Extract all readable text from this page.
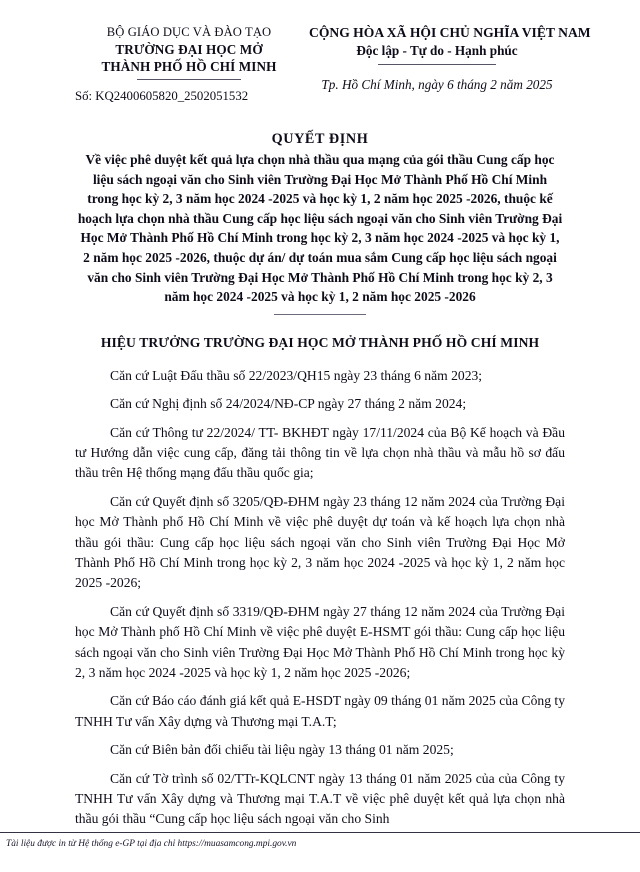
BỘ GIÁO DỤC VÀ ĐÀO TẠO
TRƯỜNG ĐẠI HỌC MỞ
THÀNH PHỐ HỒ CHÍ MINH
Số: KQ2400605820_2502051532
CỘNG HÒA XÃ HỘI CHỦ NGHĨA VIỆT NAM
Độc lập - Tự do - Hạnh phúc
Tp. Hồ Chí Minh, ngày 6 tháng 2 năm 2025
QUYẾT ĐỊNH
Về việc phê duyệt kết quả lựa chọn nhà thầu qua mạng của gói thầu Cung cấp học liệu sách ngoại văn cho Sinh viên Trường Đại Học Mở Thành Phố Hồ Chí Minh trong học kỳ 2, 3 năm học 2024 -2025 và học kỳ 1, 2 năm học 2025 -2026, thuộc kế hoạch lựa chọn nhà thầu Cung cấp học liệu sách ngoại văn cho Sinh viên Trường Đại Học Mở Thành Phố Hồ Chí Minh trong học kỳ 2, 3 năm học 2024 -2025 và học kỳ 1, 2 năm học 2025 -2026, thuộc dự án/ dự toán mua sắm Cung cấp học liệu sách ngoại văn cho Sinh viên Trường Đại Học Mở Thành Phố Hồ Chí Minh trong học kỳ 2, 3 năm học 2024 -2025 và học kỳ 1, 2 năm học 2025 -2026
HIỆU TRƯỞNG TRƯỜNG ĐẠI HỌC MỞ THÀNH PHỐ HỒ CHÍ MINH

Căn cứ Luật Đấu thầu số 22/2023/QH15 ngày 23 tháng 6 năm 2023;

Căn cứ Nghị định số 24/2024/NĐ-CP ngày 27 tháng 2 năm 2024;

Căn cứ Thông tư 22/2024/ TT- BKHĐT ngày 17/11/2024 của Bộ Kế hoạch và Đầu tư Hướng dẫn việc cung cấp, đăng tải thông tin về lựa chọn nhà thầu và mẫu hồ sơ đấu thầu trên Hệ thống mạng đấu thầu quốc gia;

Căn cứ Quyết định số 3205/QĐ-ĐHM ngày 23 tháng 12 năm 2024 của Trường Đại học Mở Thành phố Hồ Chí Minh về việc phê duyệt dự toán và kế hoạch lựa chọn nhà thầu gói thầu: Cung cấp học liệu sách ngoại văn cho Sinh viên Trường Đại Học Mở Thành Phố Hồ Chí Minh trong học kỳ 2, 3 năm học 2024 -2025 và học kỳ 1, 2 năm học 2025 -2026;

Căn cứ Quyết định số 3319/QĐ-ĐHM ngày 27 tháng 12 năm 2024 của Trường Đại học Mở Thành phố Hồ Chí Minh về việc phê duyệt E-HSMT gói thầu: Cung cấp học liệu sách ngoại văn cho Sinh viên Trường Đại Học Mở Thành Phố Hồ Chí Minh trong học kỳ 2, 3 năm học 2024 -2025 và học kỳ 1, 2 năm học 2025 -2026;

Căn cứ Báo cáo đánh giá kết quả E-HSDT ngày 09 tháng 01 năm 2025 của Công ty TNHH Tư vấn Xây dựng và Thương mại T.A.T;

Căn cứ Biên bản đối chiếu tài liệu ngày 13 tháng 01 năm 2025;

Căn cứ Tờ trình số 02/TTr-KQLCNT ngày 13 tháng 01 năm 2025 của của Công ty TNHH Tư vấn Xây dựng và Thương mại T.A.T về việc phê duyệt kết quả lựa chọn nhà thầu gói thầu “Cung cấp học liệu sách ngoại văn cho Sinh

Tài liệu được in từ Hệ thống e-GP tại địa chỉ https://muasamcong.mpi.gov.vn
